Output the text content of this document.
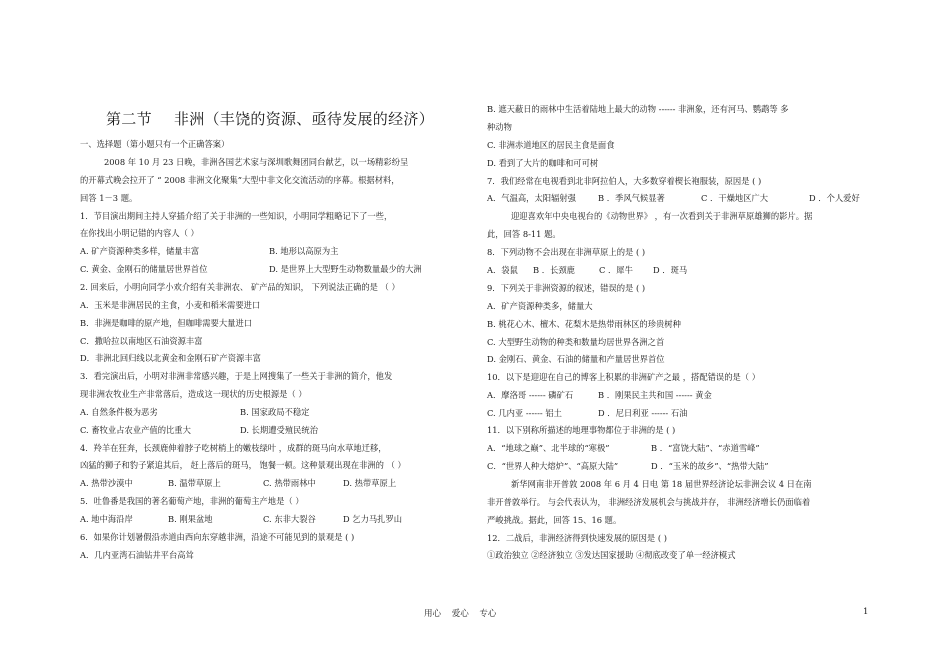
第二节 非洲（丰饶的资源、亟待发展的经济）
一、选择题（第小题只有一个正确答案）
2008 年 10 月 23 日晚，非洲各国艺术家与深圳歌舞团同台献艺，以一场精彩纷呈
的开幕式晚会拉开了 “ 2008 非洲文化聚集”大型中非文化交流活动的序幕。根据材料，
回答 1－3 题。
1．节目演出期间主持人穿插介绍了关于非洲的一些知识，小明同学粗略记下了一些，
在你找出小明记错的内容人（ ）
A. 矿产资源种类多样，储量丰富	B. 地形以高原为主
C. 黄金、金刚石的储量居世界首位	D. 是世界上大型野生动物数量最少的大洲
2. 回来后，小明向同学小欢介绍有关非洲农、 矿产品的知识， 下列说法正确的是 （ ）
A．玉米是非洲居民的主食，小麦和稻米需要进口
B．非洲是咖啡的原产地，但咖啡需要大量进口
C．撒哈拉以南地区石油资源丰富
D．非洲北回归线以北黄金和金刚石矿产资源丰富
3．看完演出后，小明对非洲非常感兴趣，于是上网搜集了一些关于非洲的简介，他发
现非洲农牧业生产非常落后，造成这一现状的历史根源是（ ）
A. 自然条件极为恶劣	B. 国家政局不稳定
C. 畜牧业占农业产值的比重大	D. 长期遭受殖民统治
4．羚羊在狂奔，长颈鹿伸着脖子吃树梢上的嫩枝绿叶 ，成群的斑马向水草地迁移，
凶猛的狮子和豹子紧追其后， 赶上落后的斑马， 饱餐一顿。这种景观出现在非洲的 （ ）
A. 热带沙漠中	B. 温带草原上	C. 热带雨林中	D. 热带草原上
5．吐鲁番是我国的著名葡萄产地，非洲的葡萄主产地是（ ）
A. 地中海沿岸	B. 刚果盆地	C. 东非大裂谷	D 乞力马扎罗山
6．如果你计划暑假沿赤道由西向东穿越非洲，沿途不可能见到的景观是 ( )
A．几内亚湾石油钻井平台高耸
B. 遮天蔽日的雨林中生活着陆地上最大的动物 ------ 非洲象，还有河马、鹦鹉等 多
种动物
C. 非洲赤道地区的居民主食是面食
D. 看到了大片的咖啡和可可树
7．我们经常在电视看到北非阿拉伯人，大多数穿着楔长袍服装，原因是 ( )
A．气温高，太阳辐射强	B ．季风气候显著	C ．干燥地区广大	D ．个人爱好
迎迎喜欢年中央电视台的《动物世界》 ，有一次看到关于非洲草原雄狮的影片。据
此，回答 8-11 题。
8．下列动物不会出现在非洲草原上的是 ( )
A．袋鼠 B ．长颈鹿	C ．犀牛 D ．斑马
9．下列关于非洲资源的叙述，错误的是 ( )
A．矿产资源种类多，储量大
B. 桃花心木、檀木、花梨木是热带雨林区的珍贵树种
C. 大型野生动物的种类和数量均居世界各洲之首
D. 金刚石、黄金、石油的储量和产量居世界首位
10．以下是迎迎在自己的博客上积累的非洲矿产之最 ，搭配错误的是（ ）
A．摩洛哥 ------ 磷矿石	B ．刚果民主共和国 ------ 黄金
C. 几内亚 ------ 铝土	D ．尼日利亚 ------ 石油
11．以下别称所描述的地理事物都位于非洲的是 ( )
A．“地球之巅”、北半球的“寒极”	B ．“富饶大陆”、“赤道雪峰”
C．“世界人种大熔炉”、“高原大陆”	D ．“玉米的故乡”、“热带大陆”
新华网南非开普敦 2008 年 6 月 4 日电 第 18 届世界经济论坛非洲会议 4 日在南
非开普敦举行。 与会代表认为， 非洲经济发展机会与挑战并存， 非洲经济增长仍面临着
严峻挑战。据此，回答 15、16 题。
12．二战后，非洲经济得到快速发展的原因是 ( )
①政治独立 ②经济独立 ③发达国家援助 ④彻底改变了单一经济模式
用心 爱心 专心	1
